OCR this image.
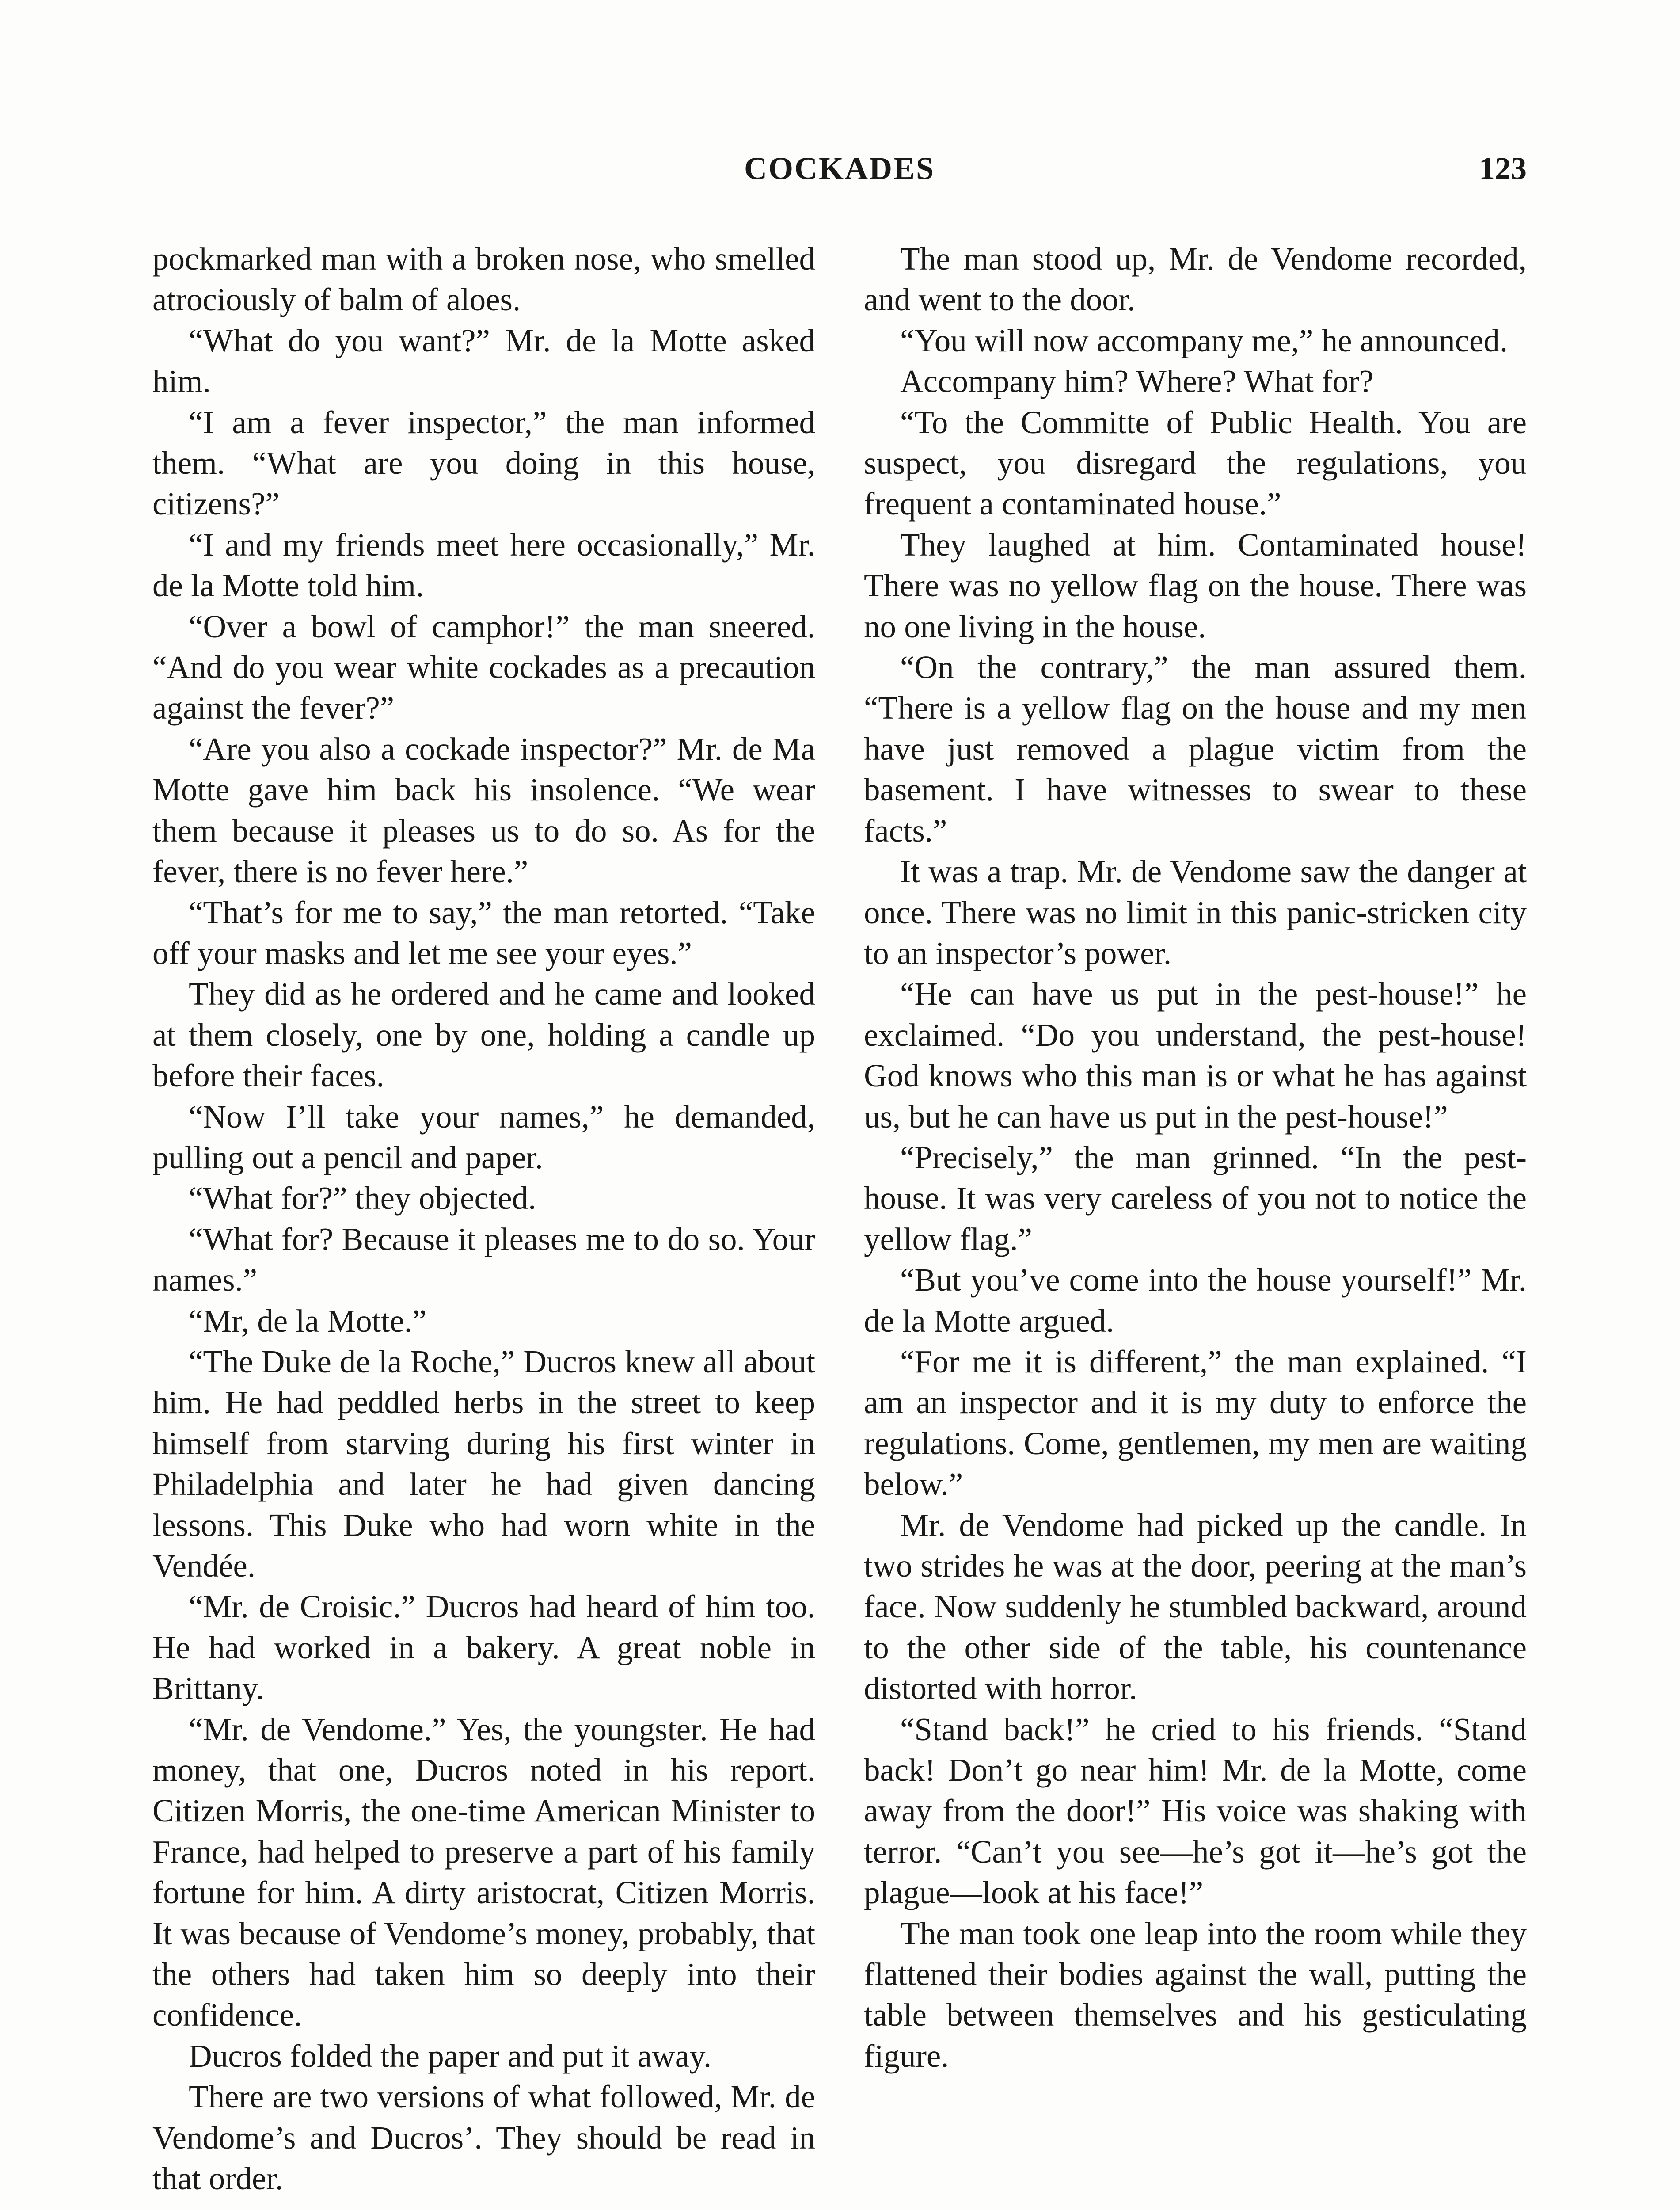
COCKADES	123

pockmarked man with a broken nose, who smelled atrociously of balm of aloes.

“What do you want?” Mr. de la Motte asked him.

“I am a fever inspector,” the man informed them. “What are you doing in this house, citizens?”

“I and my friends meet here occasionally,” Mr. de la Motte told him.

“Over a bowl of camphor!” the man sneered. “And do you wear white cockades as a precaution against the fever?”

“Are you also a cockade inspector?” Mr. de Ma Motte gave him back his insolence. “We wear them because it pleases us to do so. As for the fever, there is no fever here.”

“That’s for me to say,” the man retorted. “Take off your masks and let me see your eyes.”

They did as he ordered and he came and looked at them closely, one by one, holding a candle up before their faces.

“Now I’ll take your names,” he demanded, pulling out a pencil and paper.

“What for?” they objected.

“What for? Because it pleases me to do so. Your names.”

“Mr, de la Motte.”

“The Duke de la Roche,” Ducros knew all about him. He had peddled herbs in the street to keep himself from starving during his first winter in Philadelphia and later he had given dancing lessons. This Duke who had worn white in the Vendée.

“Mr. de Croisic.” Ducros had heard of him too. He had worked in a bakery. A great noble in Brittany.

“Mr. de Vendome.” Yes, the youngster. He had money, that one, Ducros noted in his report. Citizen Morris, the one-time American Minister to France, had helped to preserve a part of his family fortune for him. A dirty aristocrat, Citizen Morris. It was because of Vendome’s money, probably, that the others had taken him so deeply into their confidence.

Ducros folded the paper and put it away.

There are two versions of what followed, Mr. de Vendome’s and Ducros’. They should be read in that order.

The man stood up, Mr. de Vendome recorded, and went to the door.

“You will now accompany me,” he announced.

Accompany him? Where? What for?

“To the Committe of Public Health. You are suspect, you disregard the regulations, you frequent a contaminated house.”

They laughed at him. Contaminated house! There was no yellow flag on the house. There was no one living in the house.

“On the contrary,” the man assured them. “There is a yellow flag on the house and my men have just removed a plague victim from the basement. I have witnesses to swear to these facts.”

It was a trap. Mr. de Vendome saw the danger at once. There was no limit in this panic-stricken city to an inspector’s power.

“He can have us put in the pest-house!” he exclaimed. “Do you understand, the pest-house! God knows who this man is or what he has against us, but he can have us put in the pest-house!”

“Precisely,” the man grinned. “In the pest-house. It was very careless of you not to notice the yellow flag.”

“But you’ve come into the house yourself!” Mr. de la Motte argued.

“For me it is different,” the man explained. “I am an inspector and it is my duty to enforce the regulations. Come, gentlemen, my men are waiting below.”

Mr. de Vendome had picked up the candle. In two strides he was at the door, peering at the man’s face. Now suddenly he stumbled backward, around to the other side of the table, his countenance distorted with horror.

“Stand back!” he cried to his friends. “Stand back! Don’t go near him! Mr. de la Motte, come away from the door!” His voice was shaking with terror. “Can’t you see—he’s got it—he’s got the plague—look at his face!”

The man took one leap into the room while they flattened their bodies against the wall, putting the table between themselves and his gesticulating figure.
